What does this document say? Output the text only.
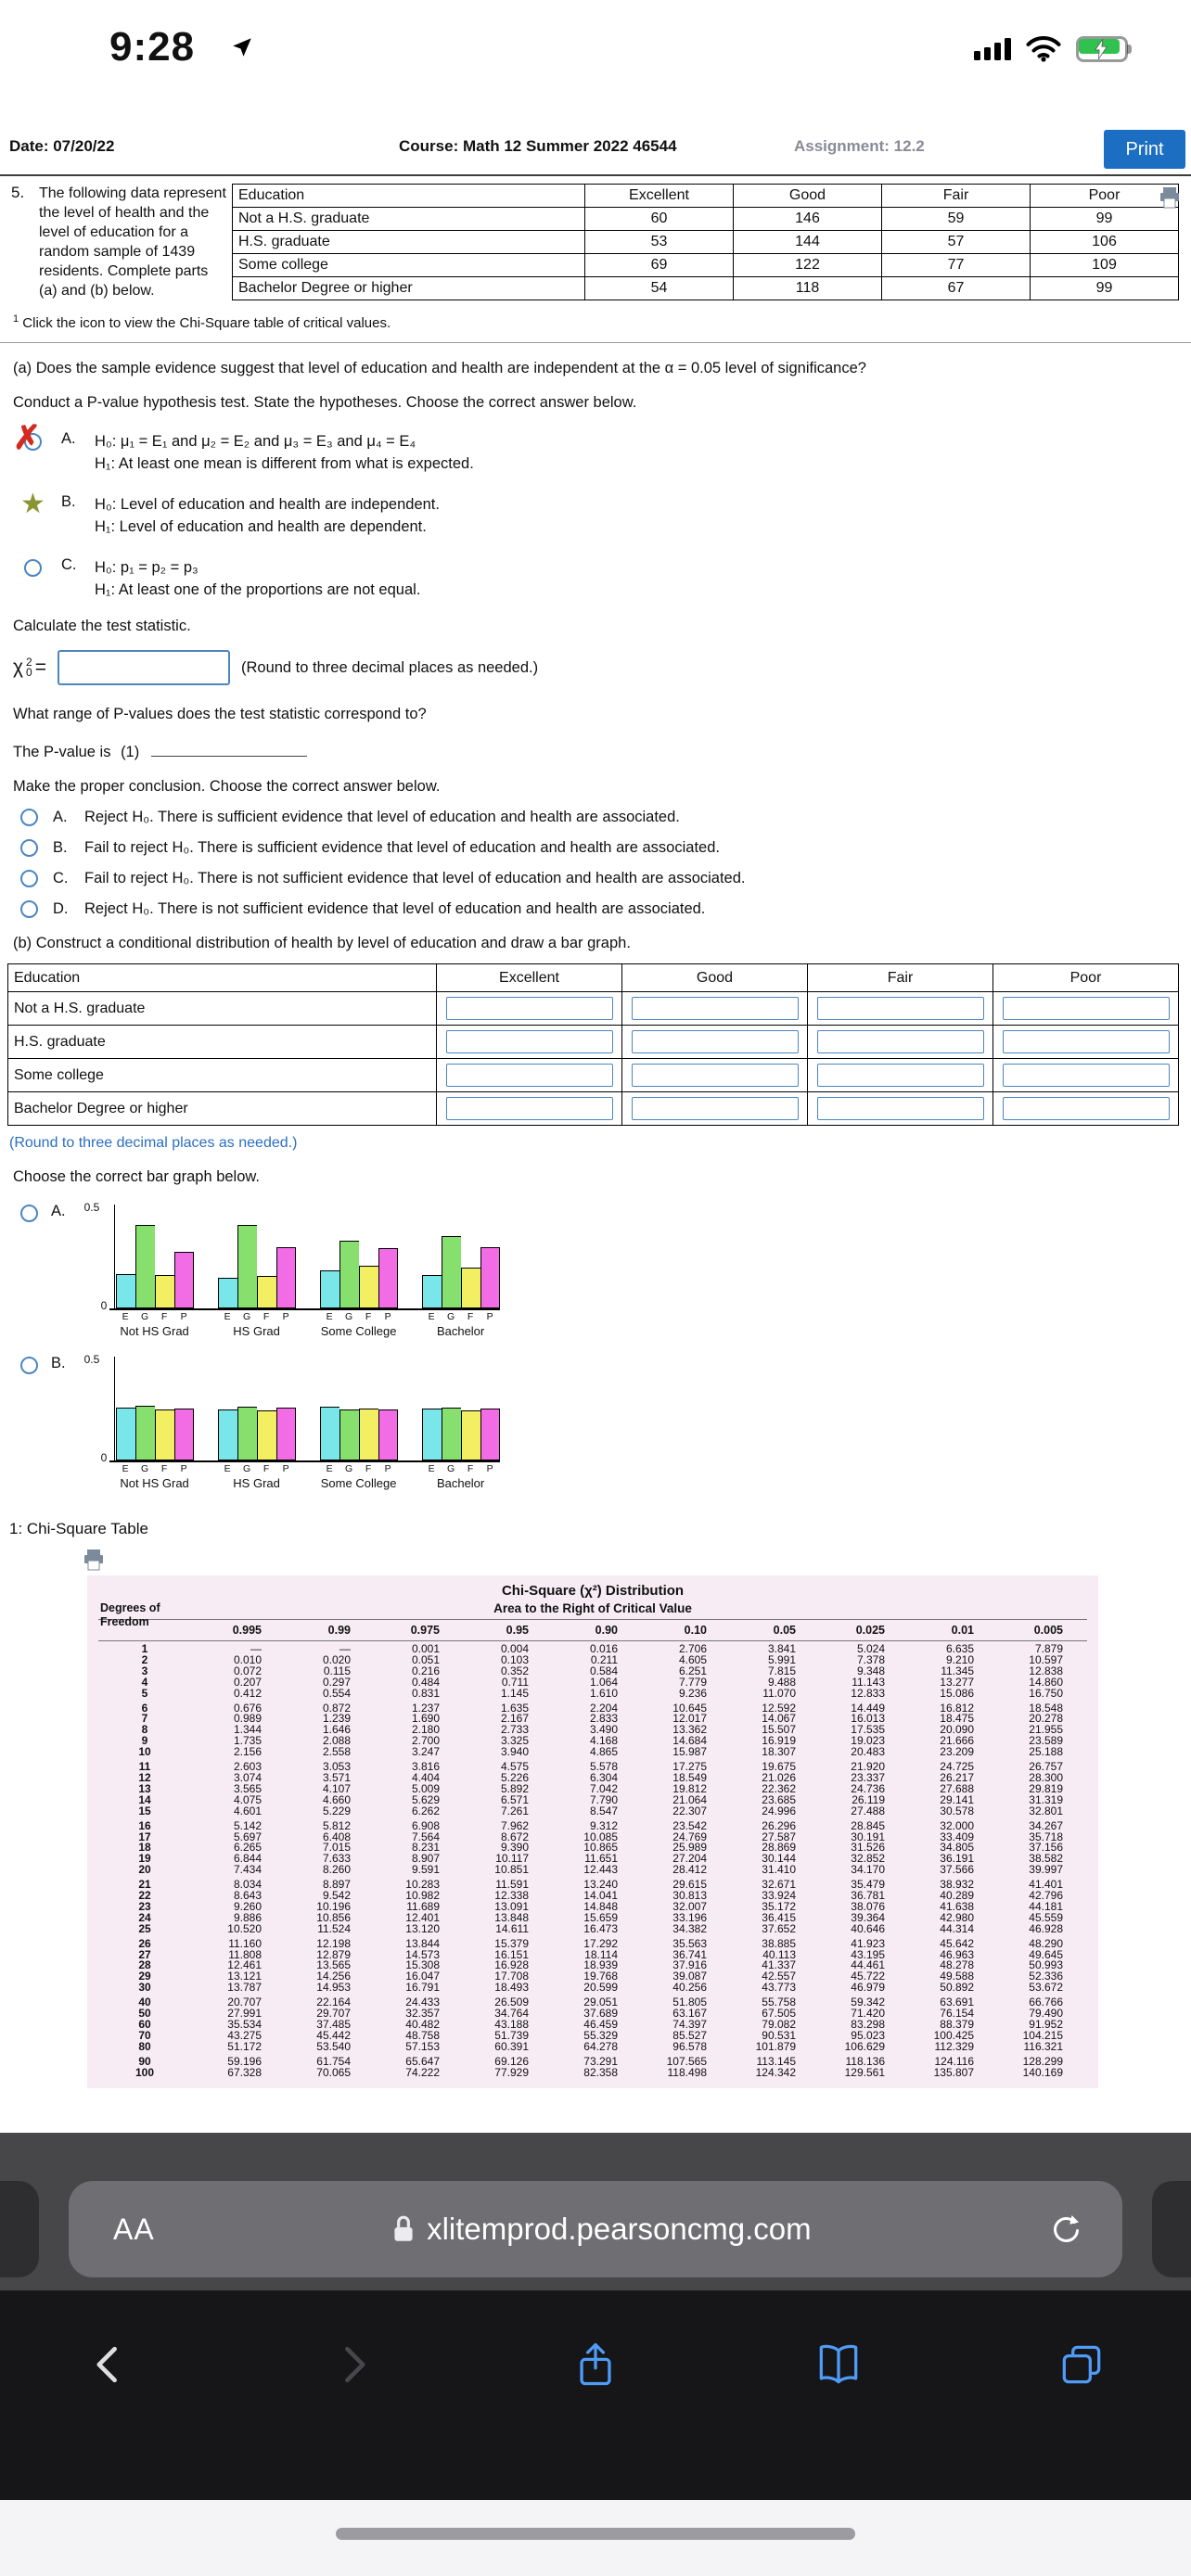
9:28
Date: 07/20/22	Course: Math 12 Summer 2022 46544	Assignment: 12.2	Print
5. The following data represent the level of health and the level of education for a random sample of 1439 residents. Complete parts (a) and (b) below.
Education	Excellent	Good	Fair	Poor
Not a H.S. graduate	60	146	59	99
H.S. graduate	53	144	57	106
Some college	69	122	77	109
Bachelor Degree or higher	54	118	67	99
$^1$ Click the icon to view the Chi-Square table of critical values.
(a) Does the sample evidence suggest that level of education and health are independent at the α = 0.05 level of significance?
Conduct a P-value hypothesis test. State the hypotheses. Choose the correct answer below.
✗ A.	H₀: μ₁ = E₁ and μ₂ = E₂ and μ₃ = E₃ and μ₄ = E₄
H₁: At least one mean is different from what is expected.
★	B.	H₀: Level of education and health are independent.
H₁: Level of education and health are dependent.
C.	H₀: p₁ = p₂ = p₃
H₁: At least one of the proportions are not equal.
Calculate the test statistic.
χ 2
0 =	(Round to three decimal places as needed.)
What range of P-values does the test statistic correspond to?
The P-value is (1)
Make the proper conclusion. Choose the correct answer below.
A.	Reject H₀. There is sufficient evidence that level of education and health are associated.
B.	Fail to reject H₀. There is sufficient evidence that level of education and health are associated.
C.	Fail to reject H₀. There is not sufficient evidence that level of education and health are associated.
D.	Reject H₀. There is not sufficient evidence that level of education and health are associated.
(b) Construct a conditional distribution of health by level of education and draw a bar graph.
Education	Excellent	Good	Fair	Poor
Not a H.S. graduate				
H.S. graduate				
Some college				
Bachelor Degree or higher				
(Round to three decimal places as needed.)
Choose the correct bar graph below.
A. 0.5
0
E	G	F	P
Not HS Grad
E	G	F	P
HS Grad
E	G	F	P
Some College
E	G	F	P
Bachelor
B. 0.5
0
E	G	F	P
Not HS Grad
E	G	F	P
HS Grad
E	G	F	P
Some College
E	G	F	P
Bachelor
1: Chi-Square Table
Degrees of
Freedom
Chi-Square (χ²) Distribution
Area to the Right of Critical Value
0.995	0.99	0.975	0.95	0.90	0.10	0.05	0.025	0.01	0.005
1	—	—	0.001	0.004	0.016	2.706	3.841	5.024	6.635	7.879
2	0.010	0.020	0.051	0.103	0.211	4.605	5.991	7.378	9.210	10.597
3	0.072	0.115	0.216	0.352	0.584	6.251	7.815	9.348	11.345	12.838
4	0.207	0.297	0.484	0.711	1.064	7.779	9.488	11.143	13.277	14.860
5	0.412	0.554	0.831	1.145	1.610	9.236	11.070	12.833	15.086	16.750
6	0.676	0.872	1.237	1.635	2.204	10.645	12.592	14.449	16.812	18.548
7	0.989	1.239	1.690	2.167	2.833	12.017	14.067	16.013	18.475	20.278
8	1.344	1.646	2.180	2.733	3.490	13.362	15.507	17.535	20.090	21.955
9	1.735	2.088	2.700	3.325	4.168	14.684	16.919	19.023	21.666	23.589
10	2.156	2.558	3.247	3.940	4.865	15.987	18.307	20.483	23.209	25.188
11	2.603	3.053	3.816	4.575	5.578	17.275	19.675	21.920	24.725	26.757
12	3.074	3.571	4.404	5.226	6.304	18.549	21.026	23.337	26.217	28.300
13	3.565	4.107	5.009	5.892	7.042	19.812	22.362	24.736	27.688	29.819
14	4.075	4.660	5.629	6.571	7.790	21.064	23.685	26.119	29.141	31.319
15	4.601	5.229	6.262	7.261	8.547	22.307	24.996	27.488	30.578	32.801
16	5.142	5.812	6.908	7.962	9.312	23.542	26.296	28.845	32.000	34.267
17	5.697	6.408	7.564	8.672	10.085	24.769	27.587	30.191	33.409	35.718
18	6.265	7.015	8.231	9.390	10.865	25.989	28.869	31.526	34.805	37.156
19	6.844	7.633	8.907	10.117	11.651	27.204	30.144	32.852	36.191	38.582
20	7.434	8.260	9.591	10.851	12.443	28.412	31.410	34.170	37.566	39.997
21	8.034	8.897	10.283	11.591	13.240	29.615	32.671	35.479	38.932	41.401
22	8.643	9.542	10.982	12.338	14.041	30.813	33.924	36.781	40.289	42.796
23	9.260	10.196	11.689	13.091	14.848	32.007	35.172	38.076	41.638	44.181
24	9.886	10.856	12.401	13.848	15.659	33.196	36.415	39.364	42.980	45.559
25	10.520	11.524	13.120	14.611	16.473	34.382	37.652	40.646	44.314	46.928
26	11.160	12.198	13.844	15.379	17.292	35.563	38.885	41.923	45.642	48.290
27	11.808	12.879	14.573	16.151	18.114	36.741	40.113	43.195	46.963	49.645
28	12.461	13.565	15.308	16.928	18.939	37.916	41.337	44.461	48.278	50.993
29	13.121	14.256	16.047	17.708	19.768	39.087	42.557	45.722	49.588	52.336
30	13.787	14.953	16.791	18.493	20.599	40.256	43.773	46.979	50.892	53.672
40	20.707	22.164	24.433	26.509	29.051	51.805	55.758	59.342	63.691	66.766
50	27.991	29.707	32.357	34.764	37.689	63.167	67.505	71.420	76.154	79.490
60	35.534	37.485	40.482	43.188	46.459	74.397	79.082	83.298	88.379	91.952
70	43.275	45.442	48.758	51.739	55.329	85.527	90.531	95.023	100.425	104.215
80	51.172	53.540	57.153	60.391	64.278	96.578	101.879	106.629	112.329	116.321
90	59.196	61.754	65.647	69.126	73.291	107.565	113.145	118.136	124.116	128.299
100	67.328	70.065	74.222	77.929	82.358	118.498	124.342	129.561	135.807	140.169
AA	xlitemprod.pearsoncmg.com
